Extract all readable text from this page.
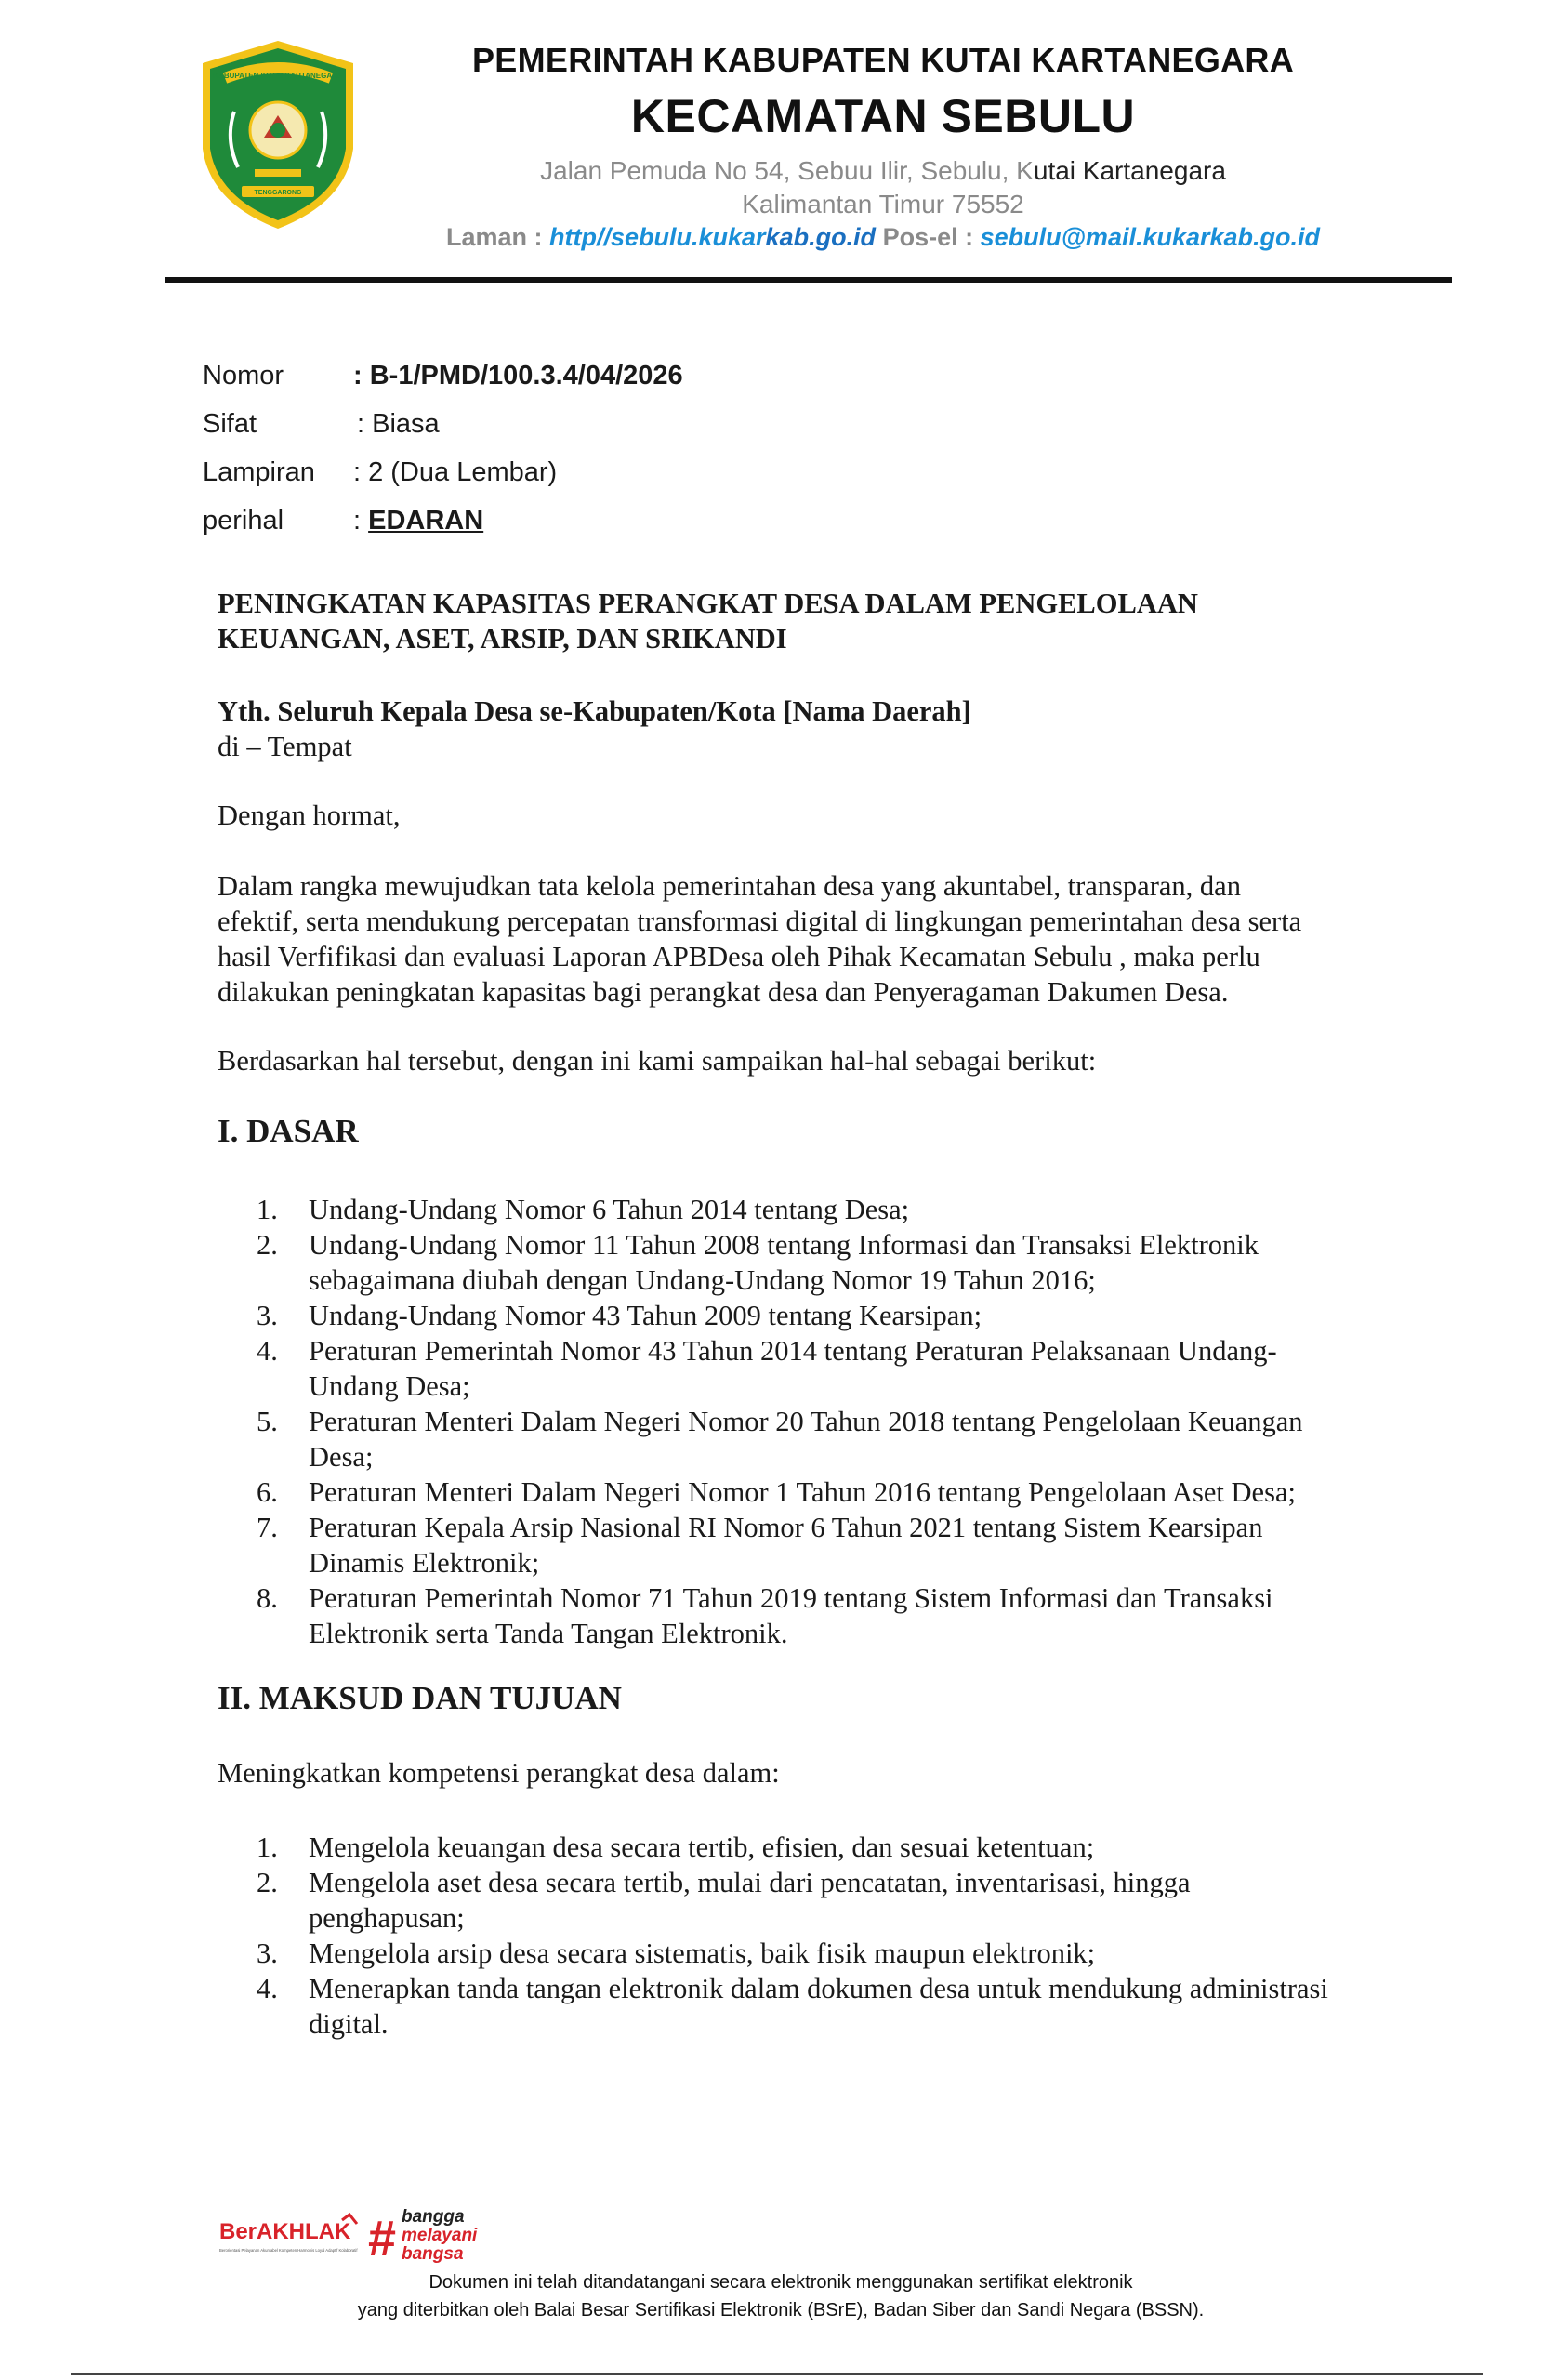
KABUPATEN KUTAI KARTANEGARA
TENGGARONG
PEMERINTAH KABUPATEN KUTAI KARTANEGARA
KECAMATAN SEBULU
Jalan Pemuda No 54, Sebuu Ilir, Sebulu, Kutai Kartanegara
Kalimantan Timur 75552
Laman : http//sebulu.kukarkab.go.id Pos-el : sebulu@mail.kukarkab.go.id
Nomor	: B-1/PMD/100.3.4/04/2026
Sifat	: Biasa
Lampiran : 2 (Dua Lembar)
perihal	: EDARAN
PENINGKATAN KAPASITAS PERANGKAT DESA DALAM PENGELOLAAN
KEUANGAN, ASET, ARSIP, DAN SRIKANDI
Yth. Seluruh Kepala Desa se-Kabupaten/Kota [Nama Daerah]
di – Tempat
Dengan hormat,
Dalam rangka mewujudkan tata kelola pemerintahan desa yang akuntabel, transparan, dan
efektif, serta mendukung percepatan transformasi digital di lingkungan pemerintahan desa serta
hasil Verfifikasi dan evaluasi Laporan APBDesa oleh Pihak Kecamatan Sebulu , maka perlu
dilakukan peningkatan kapasitas bagi perangkat desa dan Penyeragaman Dakumen Desa.
Berdasarkan hal tersebut, dengan ini kami sampaikan hal-hal sebagai berikut:
I. DASAR
1.	Undang-Undang Nomor 6 Tahun 2014 tentang Desa;
2.	Undang-Undang Nomor 11 Tahun 2008 tentang Informasi dan Transaksi Elektronik
sebagaimana diubah dengan Undang-Undang Nomor 19 Tahun 2016;
3.	Undang-Undang Nomor 43 Tahun 2009 tentang Kearsipan;
4.	Peraturan Pemerintah Nomor 43 Tahun 2014 tentang Peraturan Pelaksanaan Undang-
Undang Desa;
5.	Peraturan Menteri Dalam Negeri Nomor 20 Tahun 2018 tentang Pengelolaan Keuangan
Desa;
6.	Peraturan Menteri Dalam Negeri Nomor 1 Tahun 2016 tentang Pengelolaan Aset Desa;
7.	Peraturan Kepala Arsip Nasional RI Nomor 6 Tahun 2021 tentang Sistem Kearsipan
Dinamis Elektronik;
8.	Peraturan Pemerintah Nomor 71 Tahun 2019 tentang Sistem Informasi dan Transaksi
Elektronik serta Tanda Tangan Elektronik.
II. MAKSUD DAN TUJUAN
Meningkatkan kompetensi perangkat desa dalam:
1.	Mengelola keuangan desa secara tertib, efisien, dan sesuai ketentuan;
2.	Mengelola aset desa secara tertib, mulai dari pencatatan, inventarisasi, hingga
penghapusan;
3.	Mengelola arsip desa secara sistematis, baik fisik maupun elektronik;
4.	Menerapkan tanda tangan elektronik dalam dokumen desa untuk mendukung administrasi
digital.
BerAKHLAK
Berorientasi Pelayanan Akuntabel Kompeten Harmonis Loyal Adaptif Kolaboratif # bangga
melayani
bangsa
Dokumen ini telah ditandatangani secara elektronik menggunakan sertifikat elektronik
yang diterbitkan oleh Balai Besar Sertifikasi Elektronik (BSrE), Badan Siber dan Sandi Negara (BSSN).
